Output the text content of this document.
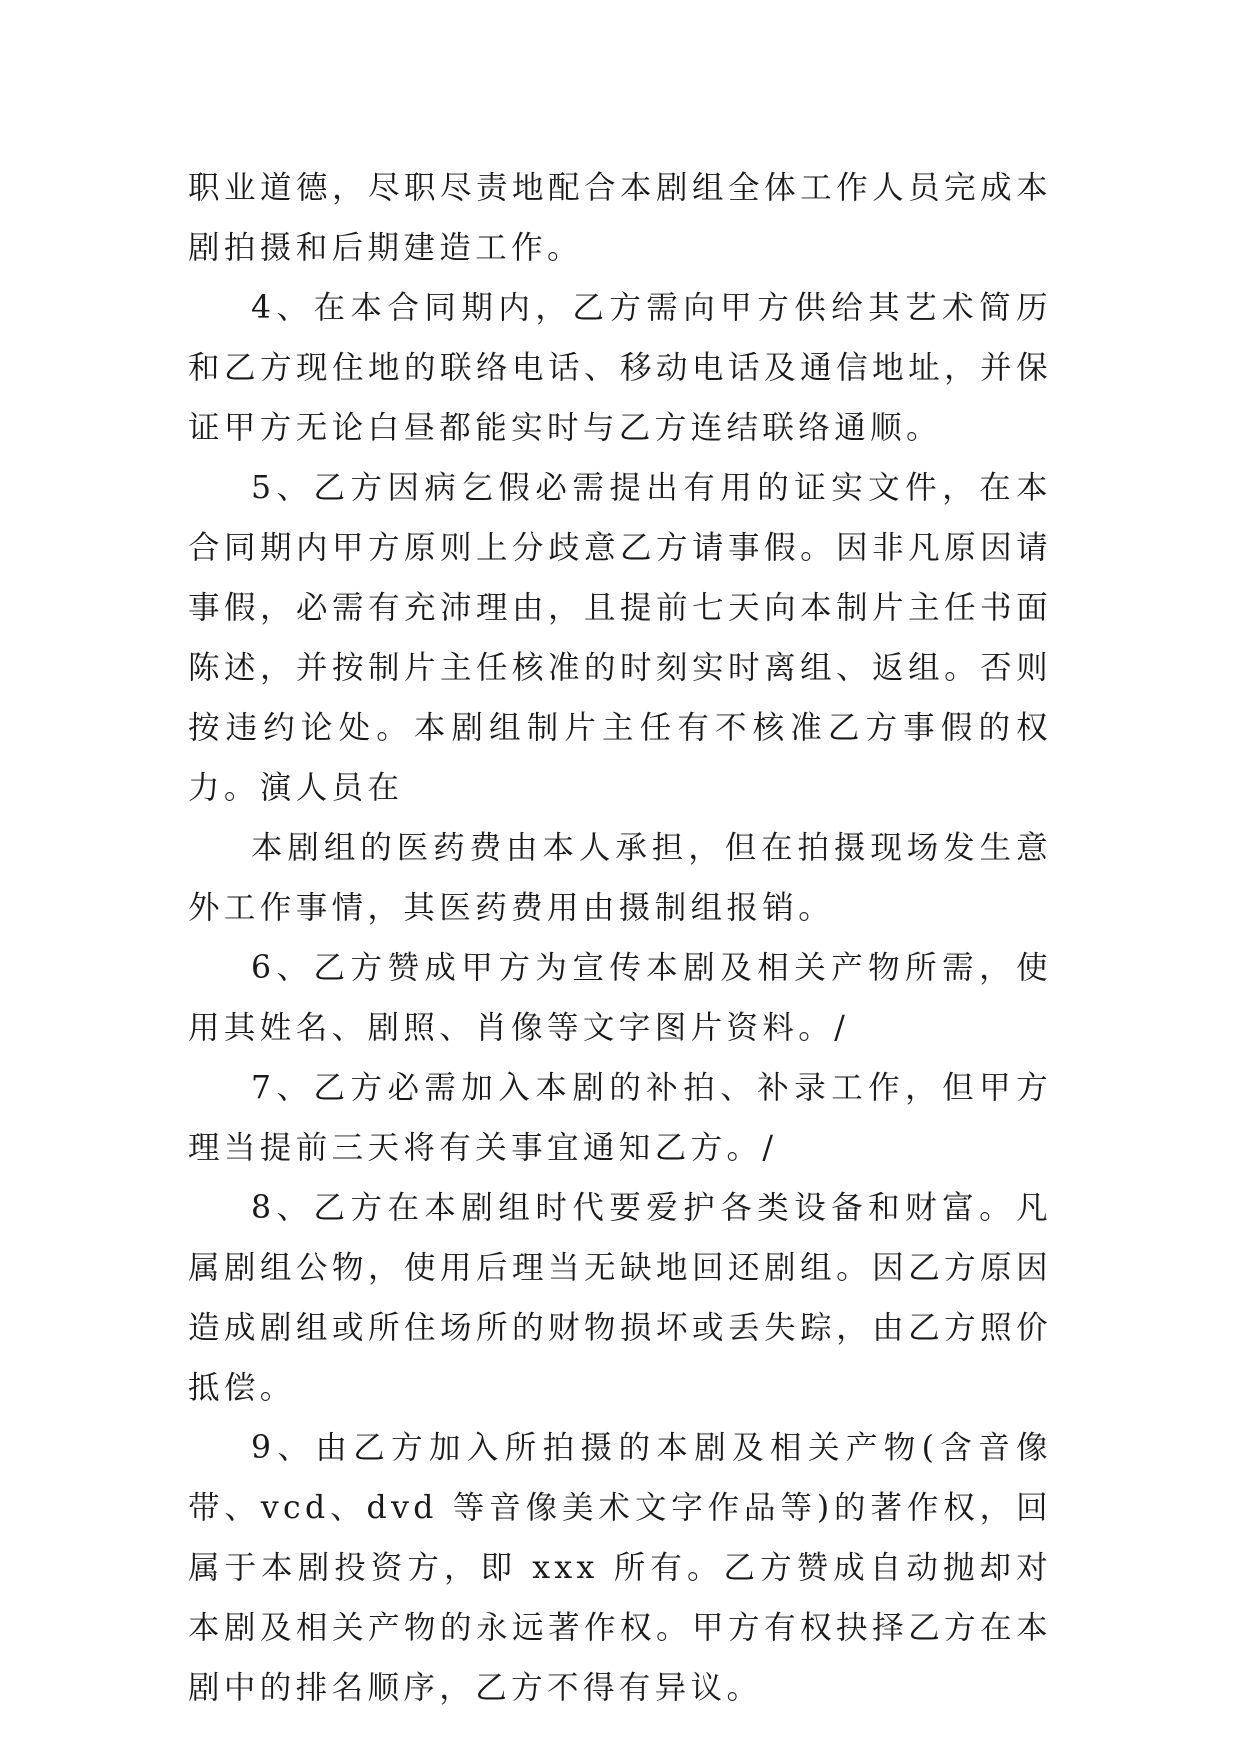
职业道德，尽职尽责地配合本剧组全体工作人员完成本剧拍摄和后期建造工作。

4、在本合同期内，乙方需向甲方供给其艺术简历和乙方现住地的联络电话、移动电话及通信地址，并保证甲方无论白昼都能实时与乙方连结联络通顺。

5、乙方因病乞假必需提出有用的证实文件，在本合同期内甲方原则上分歧意乙方请事假。因非凡原因请事假，必需有充沛理由，且提前七天向本制片主任书面陈述，并按制片主任核准的时刻实时离组、返组。否则按违约论处。本剧组制片主任有不核准乙方事假的权力。演人员在

本剧组的医药费由本人承担，但在拍摄现场发生意外工作事情，其医药费用由摄制组报销。

6、乙方赞成甲方为宣传本剧及相关产物所需，使用其姓名、剧照、肖像等文字图片资料。/

7、乙方必需加入本剧的补拍、补录工作，但甲方理当提前三天将有关事宜通知乙方。/

8、乙方在本剧组时代要爱护各类设备和财富。凡属剧组公物，使用后理当无缺地回还剧组。因乙方原因造成剧组或所住场所的财物损坏或丢失踪，由乙方照价抵偿。

9、由乙方加入所拍摄的本剧及相关产物(含音像带、vcd、dvd 等音像美术文字作品等)的著作权，回属于本剧投资方，即 xxx 所有。乙方赞成自动抛却对本剧及相关产物的永远著作权。甲方有权抉择乙方在本剧中的排名顺序，乙方不得有异议。
